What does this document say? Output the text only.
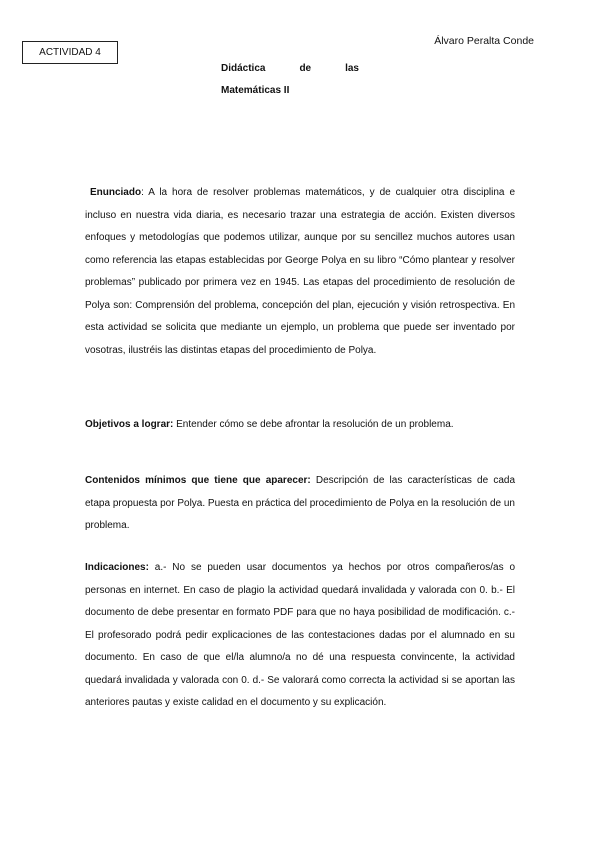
ACTIVIDAD 4
Álvaro Peralta Conde
Didáctica	de	las
Matemáticas II

Enunciado: A la hora de resolver problemas matemáticos, y de cualquier otra disciplina e incluso en nuestra vida diaria, es necesario trazar una estrategia de acción. Existen diversos enfoques y metodologías que podemos utilizar, aunque por su sencillez muchos autores usan como referencia las etapas establecidas por George Polya en su libro “Cómo plantear y resolver problemas” publicado por primera vez en 1945. Las etapas del procedimiento de resolución de Polya son: Comprensión del problema, concepción del plan, ejecución y visión retrospectiva. En esta actividad se solicita que mediante un ejemplo, un problema que puede ser inventado por vosotras, ilustréis las distintas etapas del procedimiento de Polya.

Objetivos a lograr: Entender cómo se debe afrontar la resolución de un problema.

Contenidos mínimos que tiene que aparecer: Descripción de las características de cada etapa propuesta por Polya. Puesta en práctica del procedimiento de Polya en la resolución de un problema.

Indicaciones: a.- No se pueden usar documentos ya hechos por otros compañeros/as o personas en internet. En caso de plagio la actividad quedará invalidada y valorada con 0. b.- El documento de debe presentar en formato PDF para que no haya posibilidad de modificación. c.- El profesorado podrá pedir explicaciones de las contestaciones dadas por el alumnado en su documento. En caso de que el/la alumno/a no dé una respuesta convincente, la actividad quedará invalidada y valorada con 0. d.- Se valorará como correcta la actividad si se aportan las anteriores pautas y existe calidad en el documento y su explicación.
